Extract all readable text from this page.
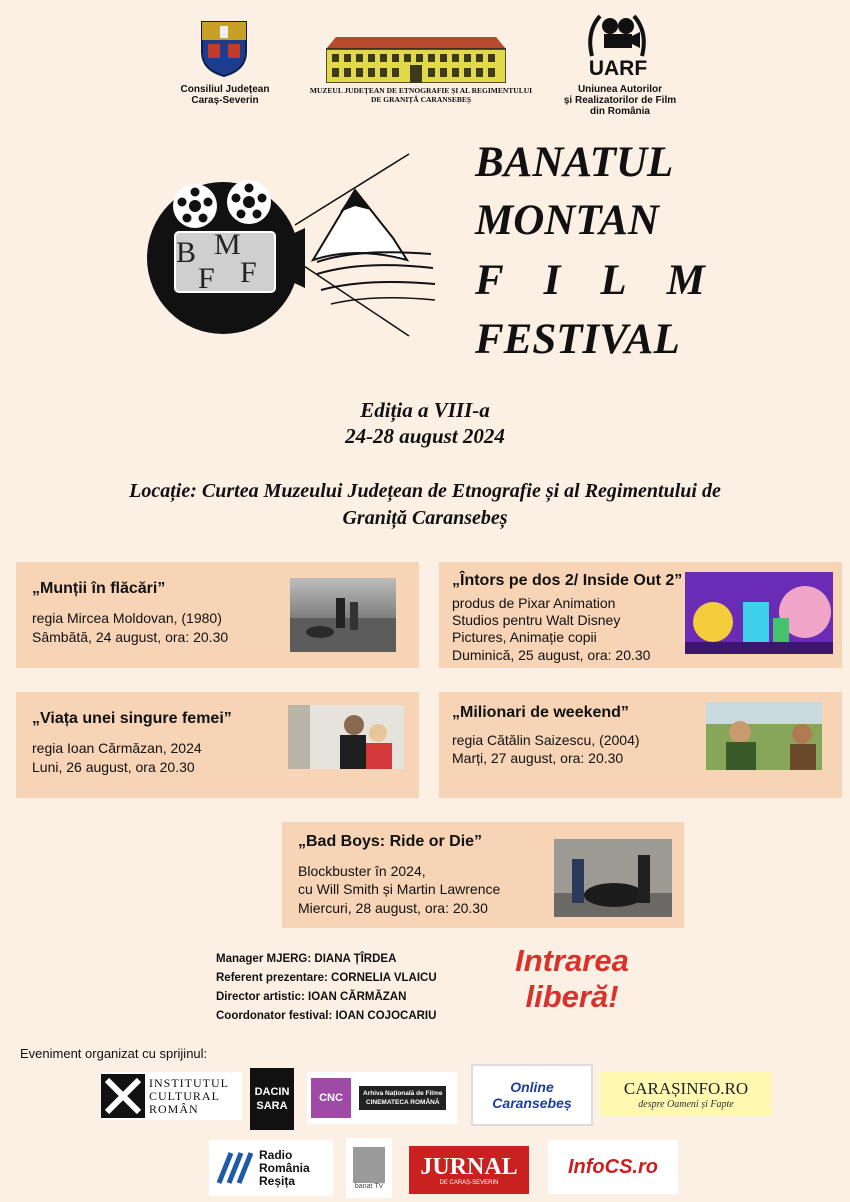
Consiliul Județean
Caraș-Severin
MUZEUL JUDEȚEAN DE ETNOGRAFIE ȘI AL REGIMENTULUI
DE GRANIȚĂ CARANSEBEȘ
UARF
Uniunea Autorilor
și Realizatorilor de Film
din România
B M
F F
BANATUL
MONTAN
FILM
FESTIVAL
Ediția a VIII-a
24-28 august 2024
Locație: Curtea Muzeului Județean de Etnografie și al Regimentului de
Graniță Caransebeș
„Munții în flăcări”
regia Mircea Moldovan, (1980)
Sâmbătă, 24 august, ora: 20.30
„Întors pe dos 2/ Inside Out 2”
produs de Pixar Animation
Studios pentru Walt Disney
Pictures, Animație copii
Duminică, 25 august, ora: 20.30
„Viața unei singure femei”
regia Ioan Cărmăzan, 2024
Luni, 26 august, ora 20.30
„Milionari de weekend”
regia Cătălin Saizescu, (2004)
Marți, 27 august, ora: 20.30
„Bad Boys: Ride or Die”
Blockbuster în 2024,
cu Will Smith și Martin Lawrence
Miercuri, 28 august, ora: 20.30
Manager MJERG: DIANA ȚÎRDEA
Referent prezentare: CORNELIA VLAICU
Director artistic: IOAN CĂRMĂZAN
Coordonator festival: IOAN COJOCARIU
Intrarea
liberă!
Eveniment organizat cu sprijinul:
INSTITUTUL
CULTURAL
ROMÂN
DACIN
SARA
CNC	Arhiva Națională de Filme
CINEMATECA ROMÂNĂ
Online
Caransebeș
CARAȘINFO.RO
despre Oameni și Fapte
Radio
România
Reșița	banat TV
JURNAL
DE CARAȘ-SEVERIN
InfoCS.ro
